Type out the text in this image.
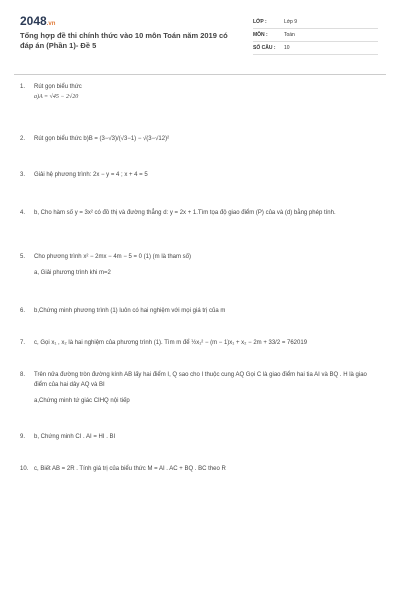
2048.vn
Tổng hợp đề thi chính thức vào 10 môn Toán năm 2019 có đáp án (Phần 1)- Đề 5
LỚP :	Lớp 9
MÔN :	Toán
SỐ CÂU :	10
1. Rút gọn biểu thức
a)A = √45 − 2√20
2. Rút gọn biểu thức b)B = (3−√3)/(√3−1) − √(3−√12)²
3. Giải hệ phương trình: 2x − y = 4 ; x + 4 = 5
4. b, Cho hàm số y = 3x² có đồ thị và đường thẳng d: y = 2x + 1.Tìm tọa độ giao điểm (P) của và (d) bằng phép tính.
5. Cho phương trình x² − 2mx − 4m − 5 = 0 (1) (m là tham số)
a, Giải phương trình khi m=2
6. b,Chứng minh phương trình (1) luôn có hai nghiệm với mọi giá trị của m
7. c, Gọi x₁ , x₂ là hai nghiệm của phương trình (1). Tìm m để ½x₁² − (m − 1)x₁ + x₂ − 2m + 33/2 = 762019
8. Trên nửa đường tròn đường kính AB lấy hai điểm I, Q sao cho I thuộc cung AQ Gọi C là giao điểm hai tia AI và BQ . H là giao điểm của hai dây AQ và BI
a,Chứng minh tứ giác CIHQ nội tiếp
9. b, Chứng minh CI . AI = HI . BI
10. c, Biết AB = 2R . Tính giá trị của biểu thức M = AI . AC + BQ . BC theo R
